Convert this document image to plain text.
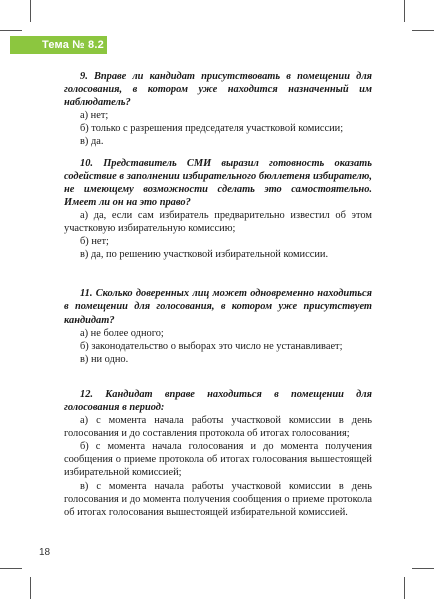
Тема № 8.2

9. Вправе ли кандидат присутствовать в помещении для голосования, в котором уже находится назначенный им наблюдатель?

а) нет;

б) только с разрешения председателя участковой комиссии;

в) да.

10. Представитель СМИ выразил готовность оказать содействие в заполнении избирательного бюллетеня избирателю, не имеющему возможности сделать это самостоятельно. Имеет ли он на это право?

а) да, если сам избиратель предварительно известил об этом участковую избирательную комиссию;

б) нет;

в) да, по решению участковой избирательной комиссии.

11. Сколько доверенных лиц может одновременно находиться в помещении для голосования, в котором уже присутствует кандидат?

а) не более одного;

б) законодательство о выборах это число не устанавливает;

в) ни одно.

12. Кандидат вправе находиться в помещении для голосования в период:

а) с момента начала работы участковой комиссии в день голосования и до составления протокола об итогах голосования;

б) с момента начала голосования и до момента получения сообщения о приеме протокола об итогах голосования вышестоящей избирательной комиссией;

в) с момента начала работы участковой комиссии в день голосования и до момента получения сообщения о приеме протокола об итогах голосования вышестоящей избирательной комиссией.

18
